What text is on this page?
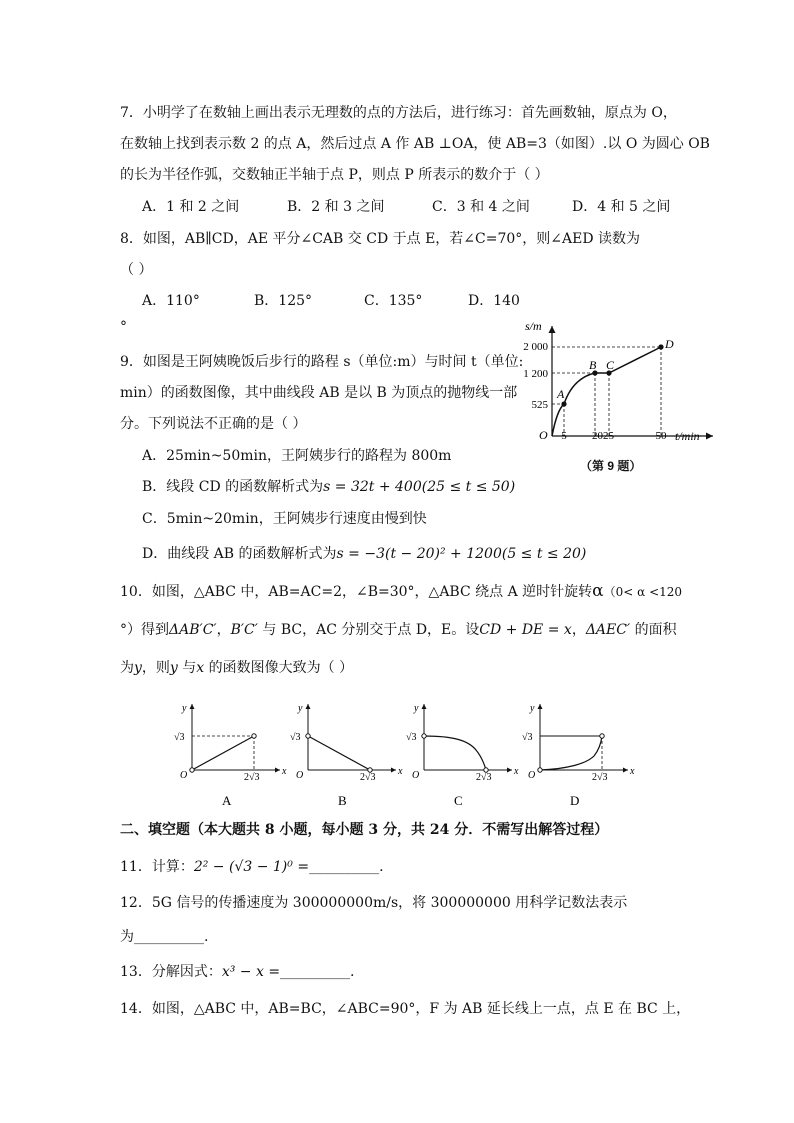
7．小明学了在数轴上画出表示无理数的点的方法后，进行练习：首先画数轴，原点为 O，
在数轴上找到表示数 2 的点 A，然后过点 A 作 AB ⊥OA，使 AB=3（如图）.以 O 为圆心 OB
的长为半径作弧，交数轴正半轴于点 P，则点 P 所表示的数介于（ ）
A．1 和 2 之间	B．2 和 3 之间	C．3 和 4 之间	D．4 和 5 之间
8．如图，AB∥CD，AE 平分∠CAB 交 CD 于点 E，若∠C=70°，则∠AED 读数为
（ ）
A．110°	B．125°	C．135°	D．140
°
9．如图是王阿姨晚饭后步行的路程 s（单位:m）与时间 t（单位:
min）的函数图像，其中曲线段 AB 是以 B 为顶点的抛物线一部
分。下列说法不正确的是（ ）
A．25min~50min，王阿姨步行的路程为 800m
B．线段 CD 的函数解析式为s = 32t + 400(25 ≤ t ≤ 50)
C．5min~20min，王阿姨步行速度由慢到快
D．曲线段 AB 的函数解析式为s = −3(t − 20)² + 1200(5 ≤ t ≤ 20)
s/m
t/min
O
A
B C
D
2 000
1 200
525
5 2025	50
（第 9 题）
10．如图，△ABC 中，AB=AC=2，∠B=30°，△ABC 绕点 A 逆时针旋转α（0< α <120
°）得到ΔAB′C′，B′C′ 与 BC，AC 分别交于点 D，E。设CD + DE = x，ΔAEC′ 的面积
为y，则y 与x 的函数图像大致为（ ）
y
x
O
√3
2√3
A
y
x
O
√3
2√3
B
y
x
O
√3
2√3
C
y
x
O
√3
2√3
D
二、填空题（本大题共 8 小题，每小题 3 分，共 24 分．不需写出解答过程）
11．计算：2² − (√3 − 1)⁰ =__________.
12．5G 信号的传播速度为 300000000m/s，将 300000000 用科学记数法表示
为__________.
13．分解因式：x³ − x =__________.
14．如图，△ABC 中，AB=BC，∠ABC=90°，F 为 AB 延长线上一点，点 E 在 BC 上，
